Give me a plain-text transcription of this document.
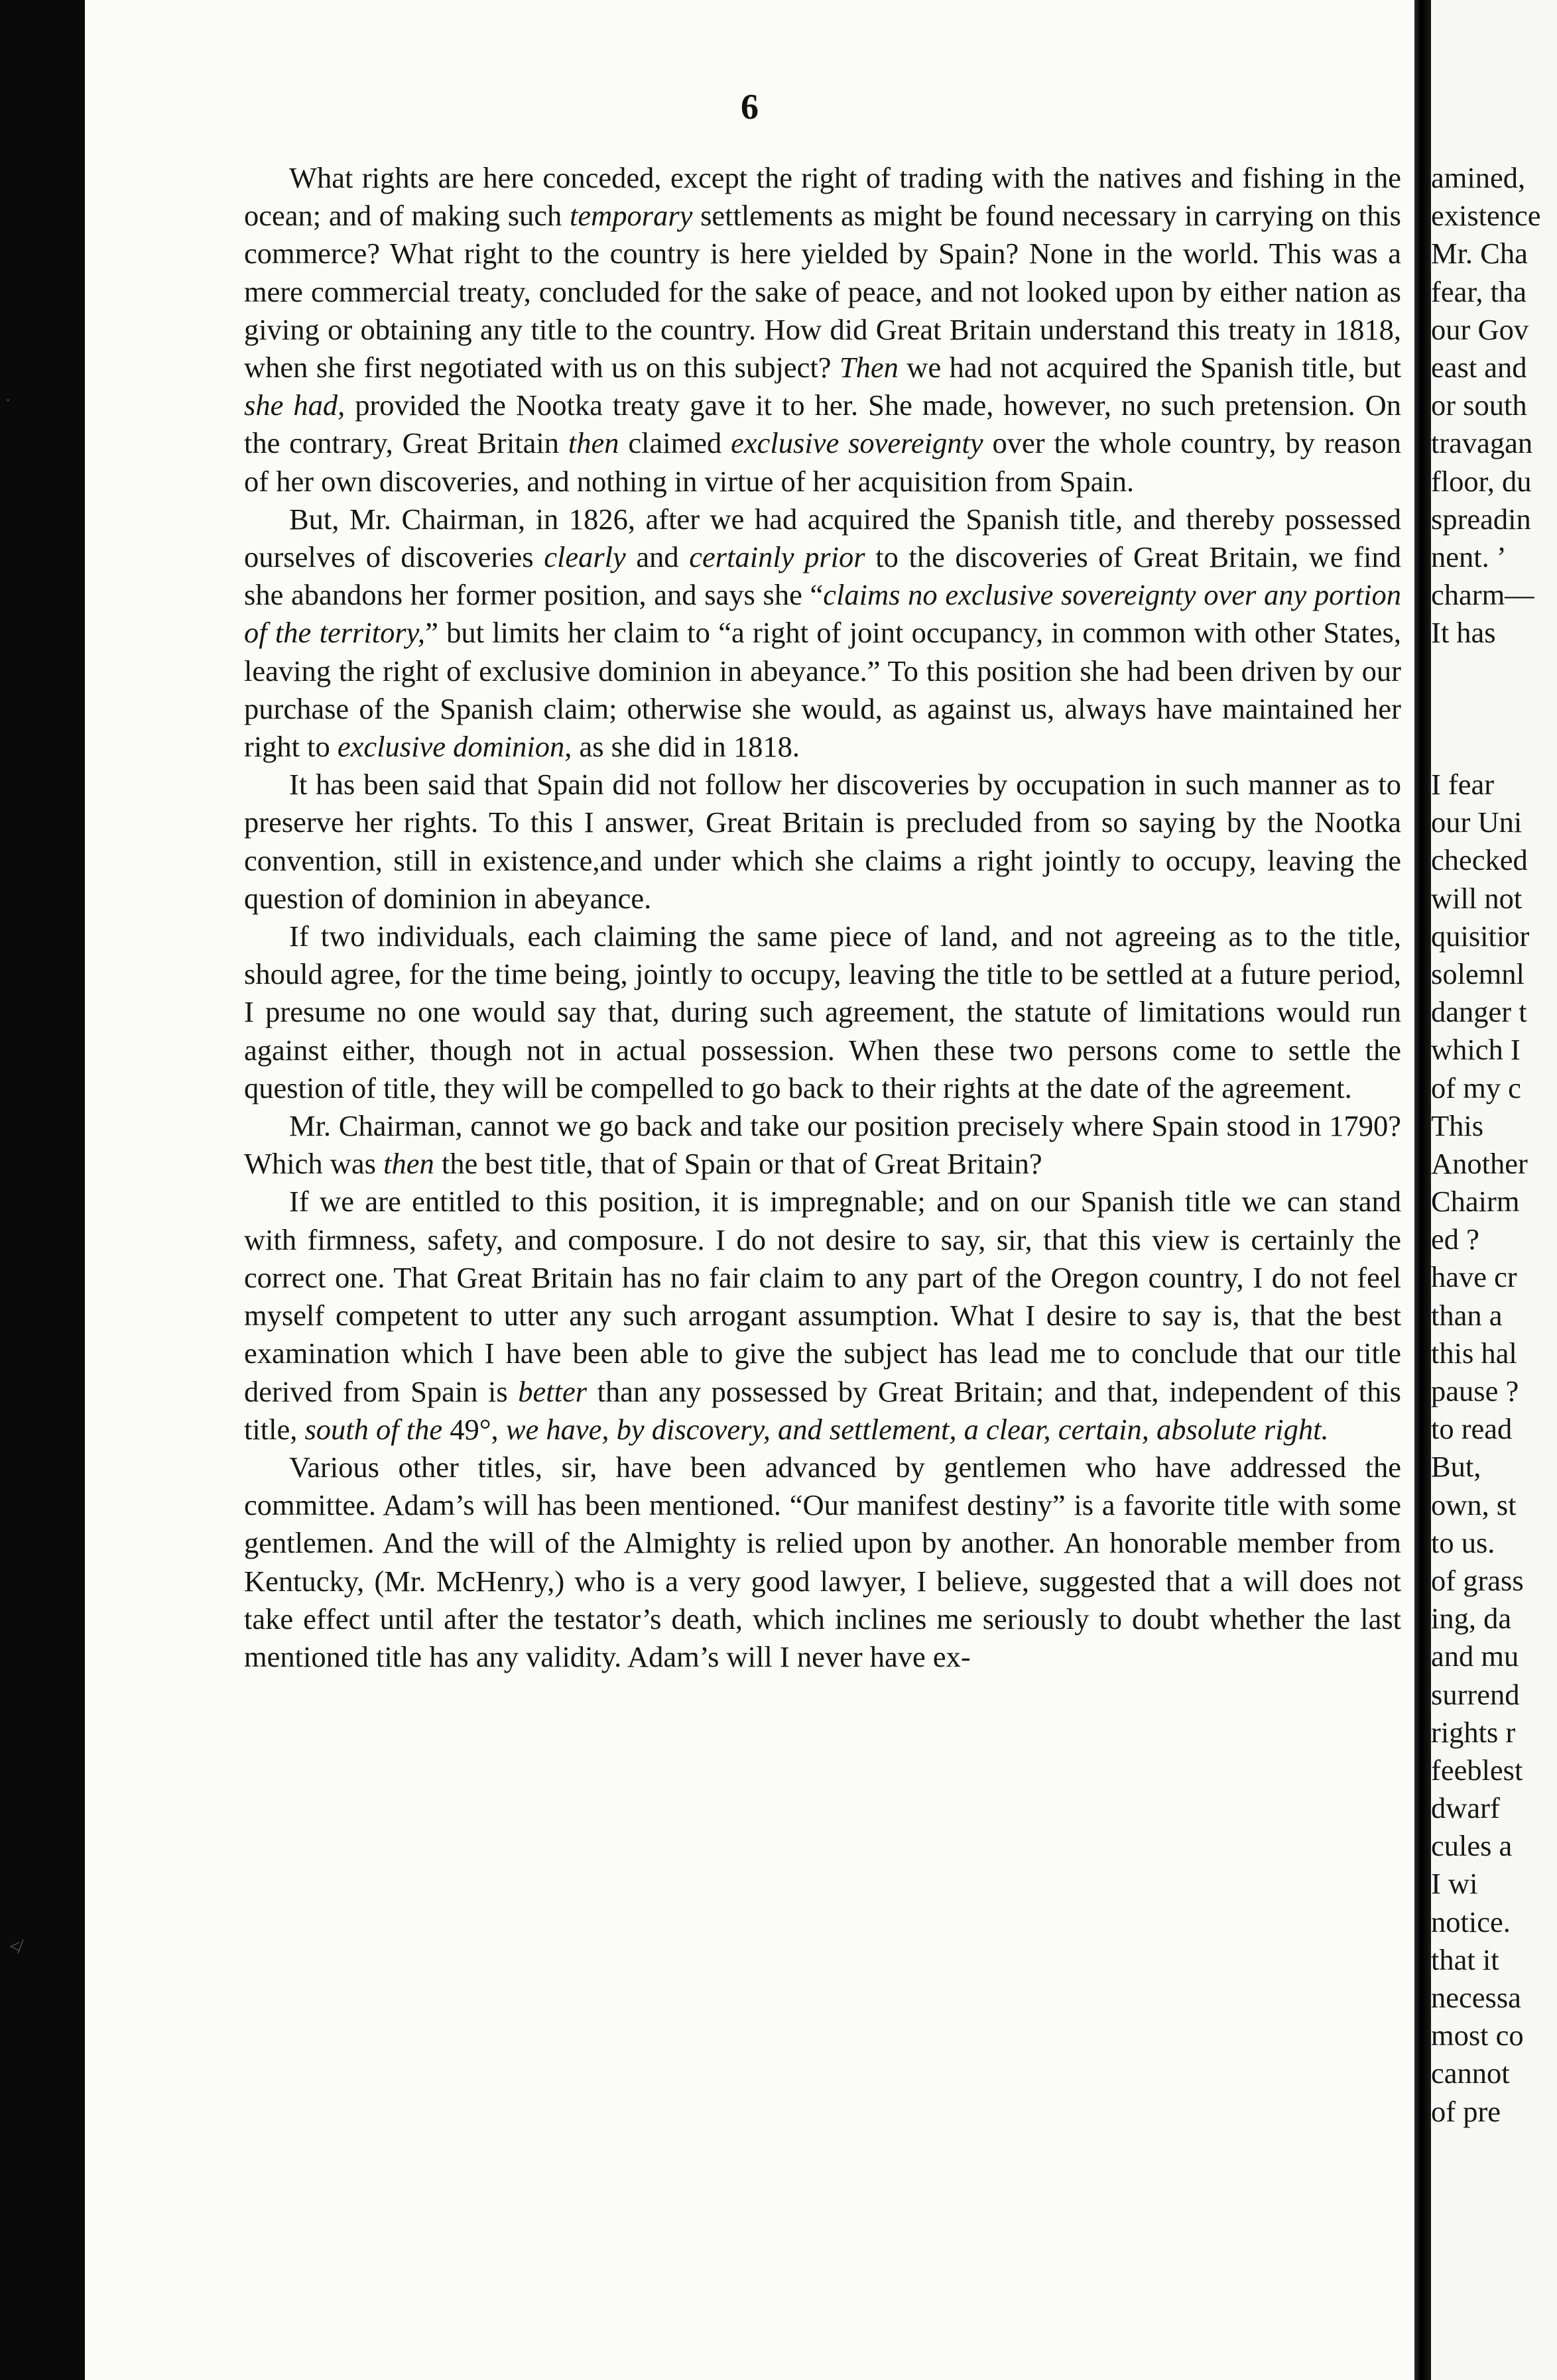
6

What rights are here conceded, except the right of trading with the natives and fishing in the ocean; and of making such temporary settlements as might be found necessary in carrying on this commerce? What right to the country is here yielded by Spain? None in the world. This was a mere commercial treaty, concluded for the sake of peace, and not looked upon by either nation as giving or obtaining any title to the country. How did Great Britain understand this treaty in 1818, when she first negotiated with us on this subject? Then we had not acquired the Spanish title, but she had, provided the Nootka treaty gave it to her. She made, however, no such pretension. On the contrary, Great Britain then claimed exclusive sovereignty over the whole country, by reason of her own discoveries, and nothing in virtue of her acquisition from Spain.

But, Mr. Chairman, in 1826, after we had acquired the Spanish title, and thereby possessed ourselves of discoveries clearly and certainly prior to the discoveries of Great Britain, we find she abandons her former position, and says she “claims no exclusive sovereignty over any portion of the territory,” but limits her claim to “a right of joint occupancy, in common with other States, leaving the right of exclusive dominion in abeyance.” To this position she had been driven by our purchase of the Spanish claim; otherwise she would, as against us, always have maintained her right to exclusive dominion, as she did in 1818.

It has been said that Spain did not follow her discoveries by occupation in such manner as to preserve her rights. To this I answer, Great Britain is precluded from so saying by the Nootka convention, still in existence,and under which she claims a right jointly to occupy, leaving the question of dominion in abeyance.

If two individuals, each claiming the same piece of land, and not agreeing as to the title, should agree, for the time being, jointly to occupy, leaving the title to be settled at a future period, I presume no one would say that, during such agreement, the statute of limitations would run against either, though not in actual possession. When these two persons come to settle the question of title, they will be compelled to go back to their rights at the date of the agreement.

Mr. Chairman, cannot we go back and take our position precisely where Spain stood in 1790? Which was then the best title, that of Spain or that of Great Britain?

If we are entitled to this position, it is impregnable; and on our Spanish title we can stand with firmness, safety, and composure. I do not desire to say, sir, that this view is certainly the correct one. That Great Britain has no fair claim to any part of the Oregon country, I do not feel myself competent to utter any such arrogant assumption. What I desire to say is, that the best examination which I have been able to give the subject has lead me to conclude that our title derived from Spain is better than any possessed by Great Britain; and that, independent of this title, south of the 49°, we have, by discovery, and settlement, a clear, certain, absolute right.

Various other titles, sir, have been advanced by gentlemen who have addressed the committee. Adam’s will has been mentioned. “Our manifest destiny” is a favorite title with some gentlemen. And the will of the Almighty is relied upon by another. An honorable member from Kentucky, (Mr. McHenry,) who is a very good lawyer, I believe, suggested that a will does not take effect until after the testator’s death, which inclines me seriously to doubt whether the last mentioned title has any validity. Adam’s will I never have ex-

amined,
existence
Mr. Cha
fear, tha
our Gov
east and
or south
travagan
floor, du
spreadin
nent. ’
charm—
It has
I fear
our Uni
checked
will not
quisitior
solemnl
danger t
which I
of my c
This
Another
Chairm
ed ?
have cr
than a
this hal
pause ?
to read
But,
own, st
to us.
of grass
ing, da
and mu
surrend
rights r
feeblest
dwarf
cules a
I wi
notice.
that it
necessa
most co
cannot
of pre
ˑ
≮
